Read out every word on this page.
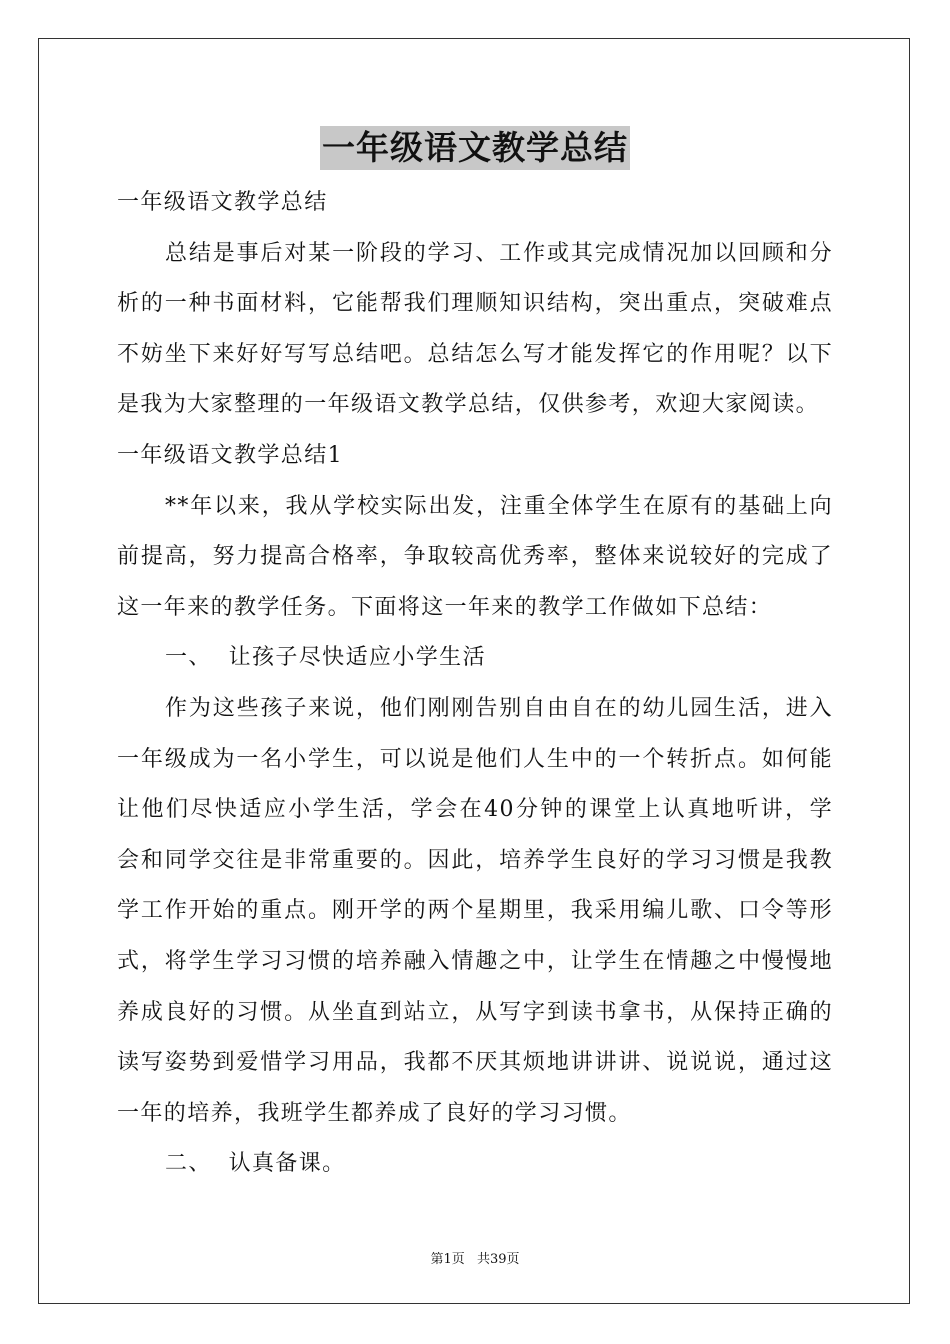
一年级语文教学总结
一年级语文教学总结
总结是事后对某一阶段的学习、工作或其完成情况加以回顾和分
析的一种书面材料，它能帮我们理顺知识结构，突出重点，突破难点
不妨坐下来好好写写总结吧。总结怎么写才能发挥它的作用呢？以下
是我为大家整理的一年级语文教学总结，仅供参考，欢迎大家阅读。
一年级语文教学总结1
**年以来，我从学校实际出发，注重全体学生在原有的基础上向
前提高，努力提高合格率，争取较高优秀率，整体来说较好的完成了
这一年来的教学任务。下面将这一年来的教学工作做如下总结：
一、  让孩子尽快适应小学生活
作为这些孩子来说，他们刚刚告别自由自在的幼儿园生活，进入
一年级成为一名小学生，可以说是他们人生中的一个转折点。如何能
让他们尽快适应小学生活，学会在40分钟的课堂上认真地听讲，学
会和同学交往是非常重要的。因此，培养学生良好的学习习惯是我教
学工作开始的重点。刚开学的两个星期里，我采用编儿歌、口令等形
式，将学生学习习惯的培养融入情趣之中，让学生在情趣之中慢慢地
养成良好的习惯。从坐直到站立，从写字到读书拿书，从保持正确的
读写姿势到爱惜学习用品，我都不厌其烦地讲讲讲、说说说，通过这
一年的培养，我班学生都养成了良好的学习习惯。
二、  认真备课。
第1页 共39页
